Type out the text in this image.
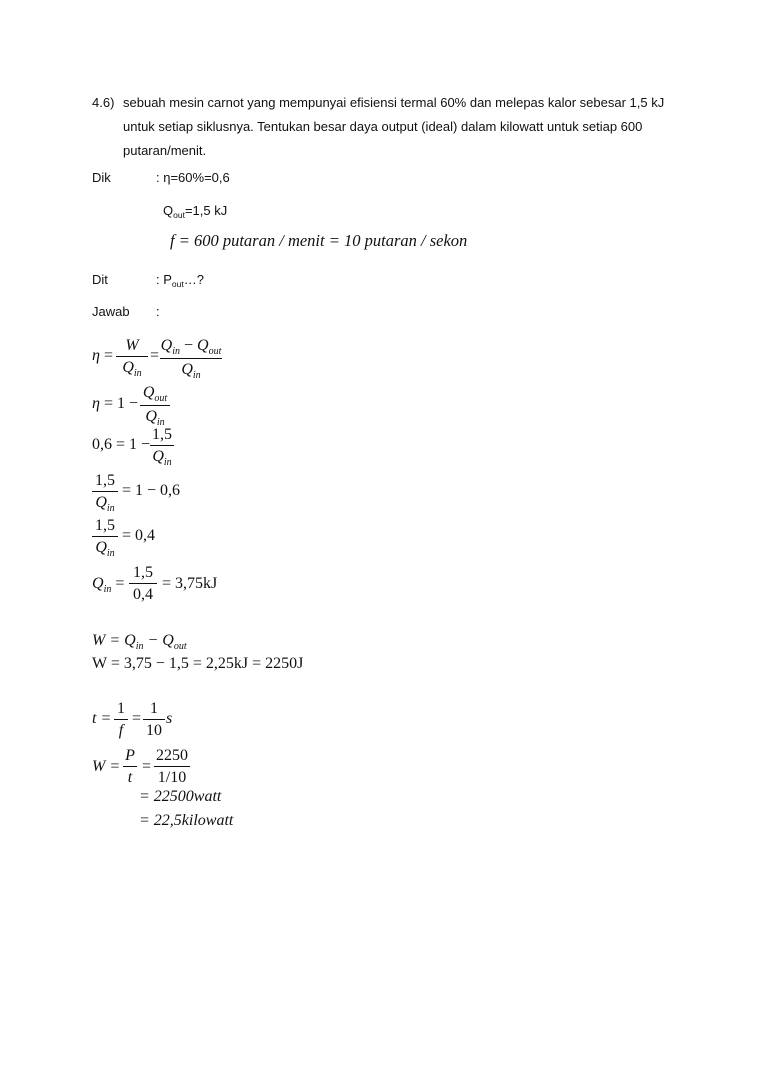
4.6) sebuah mesin carnot yang mempunyai efisiensi termal 60% dan melepas kalor sebesar 1,5 kJ
untuk setiap siklusnya. Tentukan besar daya output (ideal) dalam kilowatt untuk setiap 600
putaran/menit.
Dik	: η=60%=0,6
$Q_{out}=1,5$ kJ
f = 600 putaran / menit = 10 putaran / sekon
Dit	: $P_{out}\dots$?
Jawab :
η =
W
$Q_{in}$
=
$Q_{in} - Q_{out}$
$Q_{in}$
η = 1 −
$Q_{out}$
$Q_{in}$
0,6 = 1 −
1,5
$Q_{in}$
1,5
$Q_{in}$
= 1 − 0,6
1,5
$Q_{in}$
= 0,4
$Q_{in}$ =
1,5
0,4
= 3,75kJ
$W = Q_{in} - Q_{out}$
W = 3,75 − 1,5 = 2,25kJ = 2250J
t =
1
f
=
1
10
s
W =
P
t
=
2250
1/10
= 22500watt
= 22,5kilowatt
